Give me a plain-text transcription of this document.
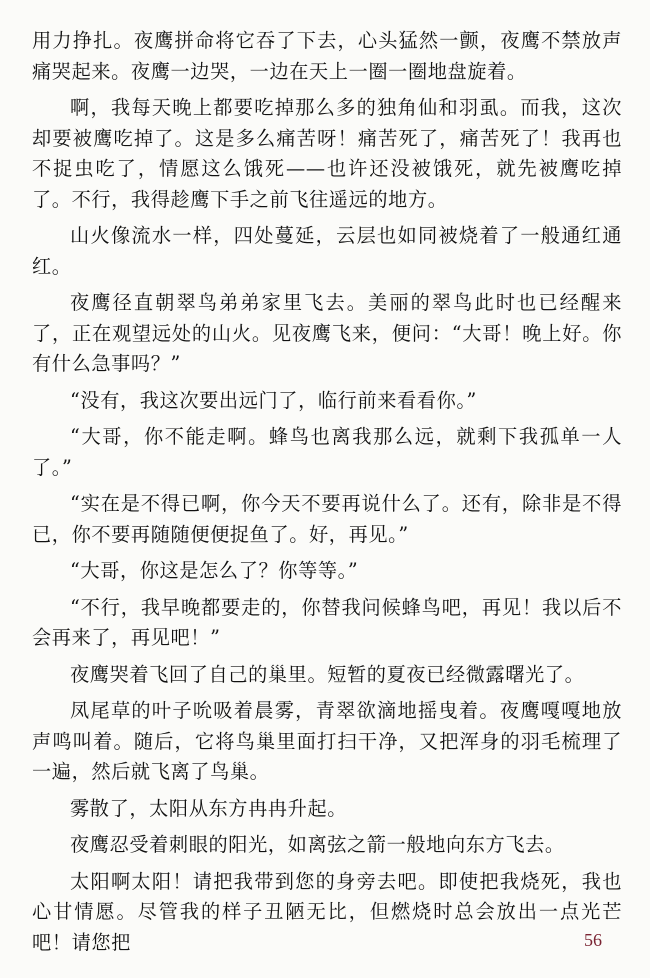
用力挣扎。夜鹰拼命将它吞了下去，心头猛然一颤，夜鹰不禁放声痛哭起来。夜鹰一边哭，一边在天上一圈一圈地盘旋着。

啊，我每天晚上都要吃掉那么多的独角仙和羽虱。而我，这次却要被鹰吃掉了。这是多么痛苦呀！痛苦死了，痛苦死了！我再也不捉虫吃了，情愿这么饿死——也许还没被饿死，就先被鹰吃掉了。不行，我得趁鹰下手之前飞往遥远的地方。

山火像流水一样，四处蔓延，云层也如同被烧着了一般通红通红。

夜鹰径直朝翠鸟弟弟家里飞去。美丽的翠鸟此时也已经醒来了，正在观望远处的山火。见夜鹰飞来，便问：“大哥！晚上好。你有什么急事吗？”

“没有，我这次要出远门了，临行前来看看你。”

“大哥，你不能走啊。蜂鸟也离我那么远，就剩下我孤单一人了。”

“实在是不得已啊，你今天不要再说什么了。还有，除非是不得已，你不要再随随便便捉鱼了。好，再见。”

“大哥，你这是怎么了？你等等。”

“不行，我早晚都要走的，你替我问候蜂鸟吧，再见！我以后不会再来了，再见吧！”

夜鹰哭着飞回了自己的巢里。短暂的夏夜已经微露曙光了。

凤尾草的叶子吮吸着晨雾，青翠欲滴地摇曳着。夜鹰嘎嘎地放声鸣叫着。随后，它将鸟巢里面打扫干净，又把浑身的羽毛梳理了一遍，然后就飞离了鸟巢。

雾散了，太阳从东方冉冉升起。

夜鹰忍受着刺眼的阳光，如离弦之箭一般地向东方飞去。

太阳啊太阳！请把我带到您的身旁去吧。即使把我烧死，我也心甘情愿。尽管我的样子丑陋无比，但燃烧时总会放出一点光芒吧！请您把	56
